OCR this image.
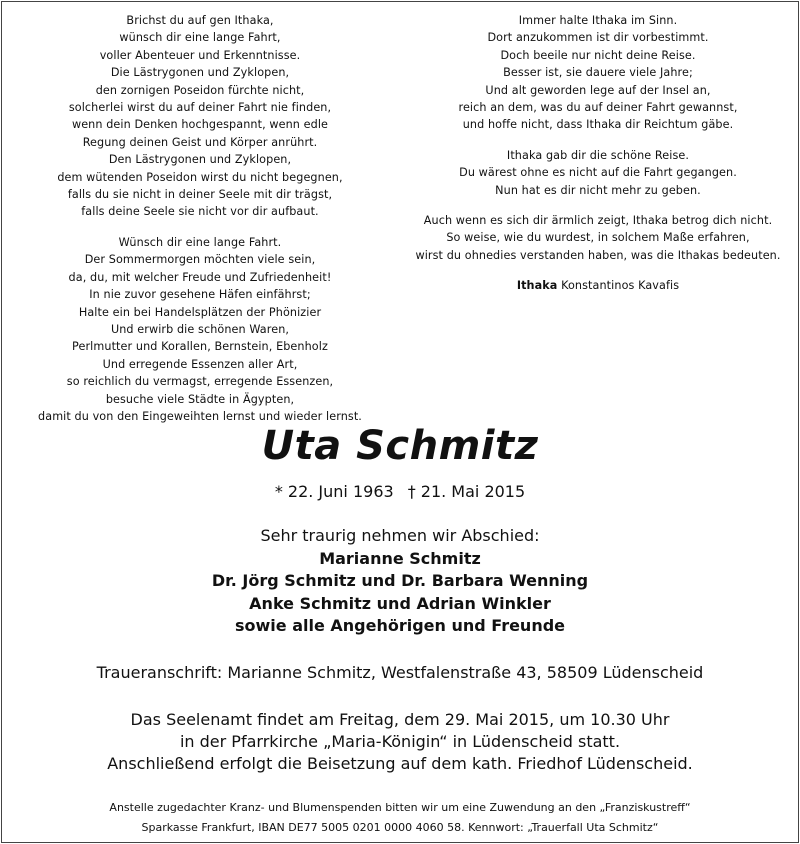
Brichst du auf gen Ithaka,
wünsch dir eine lange Fahrt,
voller Abenteuer und Erkenntnisse.
Die Lästrygonen und Zyklopen,
den zornigen Poseidon fürchte nicht,
solcherlei wirst du auf deiner Fahrt nie finden,
wenn dein Denken hochgespannt, wenn edle
Regung deinen Geist und Körper anrührt.
Den Lästrygonen und Zyklopen,
dem wütenden Poseidon wirst du nicht begegnen,
falls du sie nicht in deiner Seele mit dir trägst,
falls deine Seele sie nicht vor dir aufbaut.
Wünsch dir eine lange Fahrt.
Der Sommermorgen möchten viele sein,
da, du, mit welcher Freude und Zufriedenheit!
In nie zuvor gesehene Häfen einfährst;
Halte ein bei Handelsplätzen der Phönizier
Und erwirb die schönen Waren,
Perlmutter und Korallen, Bernstein, Ebenholz
Und erregende Essenzen aller Art,
so reichlich du vermagst, erregende Essenzen,
besuche viele Städte in Ägypten,
damit du von den Eingeweihten lernst und wieder lernst.
Immer halte Ithaka im Sinn.
Dort anzukommen ist dir vorbestimmt.
Doch beeile nur nicht deine Reise.
Besser ist, sie dauere viele Jahre;
Und alt geworden lege auf der Insel an,
reich an dem, was du auf deiner Fahrt gewannst,
und hoffe nicht, dass Ithaka dir Reichtum gäbe.
Ithaka gab dir die schöne Reise.
Du wärest ohne es nicht auf die Fahrt gegangen.
Nun hat es dir nicht mehr zu geben.
Auch wenn es sich dir ärmlich zeigt, Ithaka betrog dich nicht.
So weise, wie du wurdest, in solchem Maße erfahren,
wirst du ohnedies verstanden haben, was die Ithakas bedeuten.
Ithaka Konstantinos Kavafis
Uta Schmitz
* 22. Juni 1963 † 21. Mai 2015
Sehr traurig nehmen wir Abschied:
Marianne Schmitz
Dr. Jörg Schmitz und Dr. Barbara Wenning
Anke Schmitz und Adrian Winkler
sowie alle Angehörigen und Freunde
Traueranschrift: Marianne Schmitz, Westfalenstraße 43, 58509 Lüdenscheid
Das Seelenamt findet am Freitag, dem 29. Mai 2015, um 10.30 Uhr
in der Pfarrkirche „Maria-Königin“ in Lüdenscheid statt.
Anschließend erfolgt die Beisetzung auf dem kath. Friedhof Lüdenscheid.
Anstelle zugedachter Kranz- und Blumenspenden bitten wir um eine Zuwendung an den „Franziskustreff“
Sparkasse Frankfurt, IBAN DE77 5005 0201 0000 4060 58. Kennwort: „Trauerfall Uta Schmitz“
